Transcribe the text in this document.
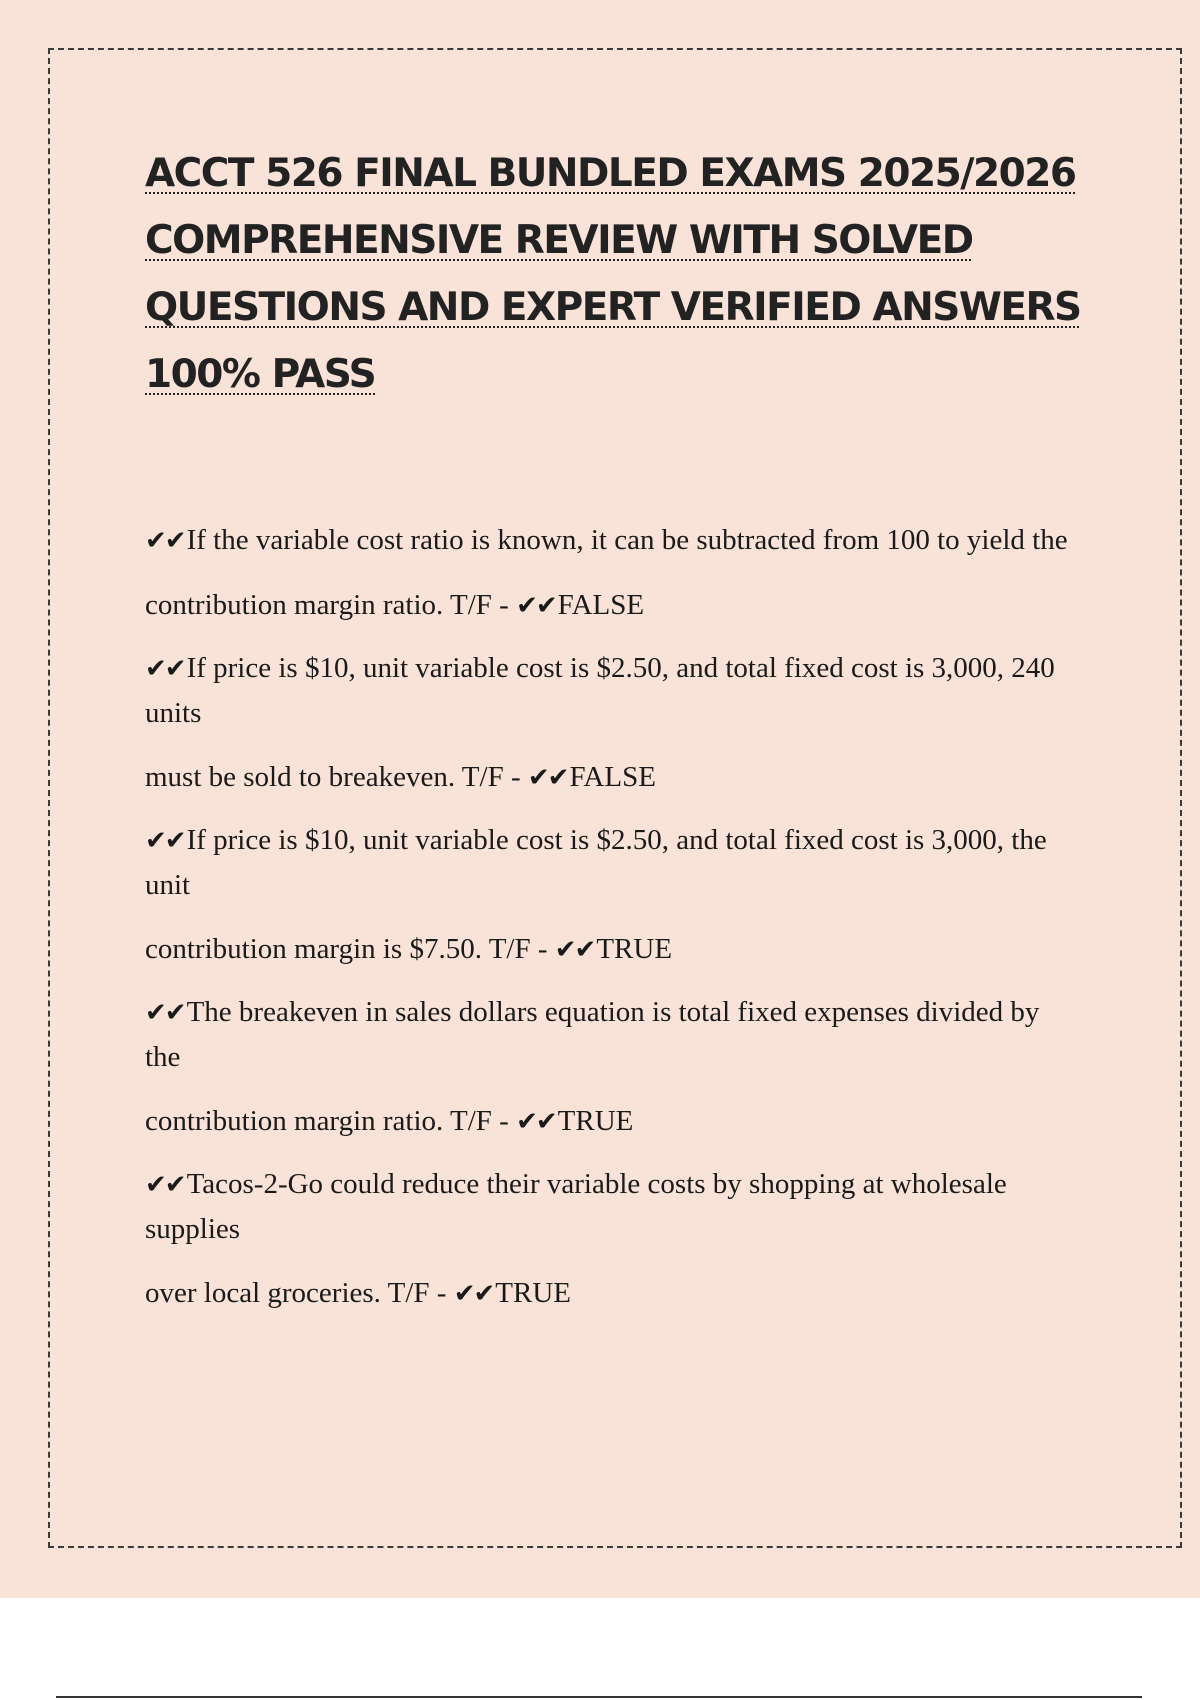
ACCT 526 FINAL BUNDLED EXAMS 2025/2026 COMPREHENSIVE REVIEW WITH SOLVED QUESTIONS AND EXPERT VERIFIED ANSWERS 100% PASS

✔✔If the variable cost ratio is known, it can be subtracted from 100 to yield the

contribution margin ratio. T/F - ✔✔FALSE

✔✔If price is $10, unit variable cost is $2.50, and total fixed cost is 3,000, 240 units

must be sold to breakeven. T/F - ✔✔FALSE

✔✔If price is $10, unit variable cost is $2.50, and total fixed cost is 3,000, the unit

contribution margin is $7.50. T/F - ✔✔TRUE

✔✔The breakeven in sales dollars equation is total fixed expenses divided by the

contribution margin ratio. T/F - ✔✔TRUE

✔✔Tacos-2-Go could reduce their variable costs by shopping at wholesale supplies

over local groceries. T/F - ✔✔TRUE
